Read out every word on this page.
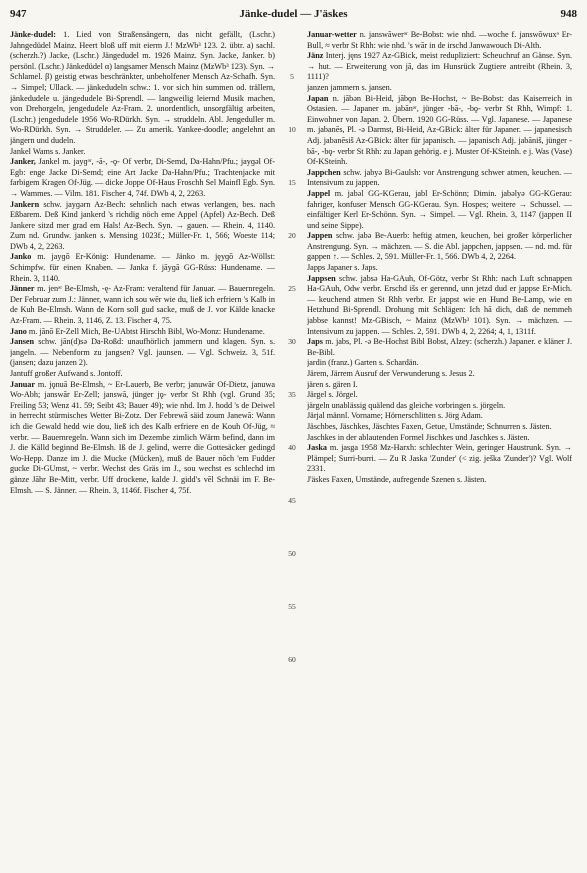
947	Jänke-dudel — J'äskes	948

Jänke-dudel: 1. Lied von Straßensängern, das nicht gefällt, (Lschr.) Jahngedüdel Mainz. Heert bloß uff mit eierm J.! MzWb³ 123. 2. übtr. a) sachl. (scherzh.?) Jacke, (Lschr.) Jängedudel m. 1926 Mainz. Syn. Jacke, Janker. b) persönl. (Lschr.) Jänkedüdel α) langsamer Mensch Mainz (MzWb³ 123). Syn. → Schlamel. β) geistig etwas beschränkter, unbeholfener Mensch Az-Schafh. Syn. → Simpel; Ullack. — jänkedudeln schw.: 1. vor sich hin summen od. trällern, jänkedudele u. jängedudele Bi-Sprendl. — langweilig leiernd Musik machen, von Drehorgeln, jengedudele Az-Fram. 2. unordentlich, unsorgfältig arbeiten, (Lschr.) jengedudele 1956 Wo-RDürkh. Syn. → struddeln. Abl. Jengeduller m. Wo-RDürkh. Syn. → Struddeler. — Zu amerik. Yankee-doodle; angelehnt an jängern und dudeln.

Jankel Wams s. Janker.

Janker, Jankel m. jayɡᵊʳ, -ā-, -ǫ- Of verbr, Di-Semd, Da-Hahn/Pfu.; jayɡǝl Of-Egb: enge Jacke Di-Semd; eine Art Jacke Da-Hahn/Pfu.; Trachtenjacke mit farbigem Kragen Of-Jüg. — dicke Joppe Of-Haus Froschh Sel Mainfl Egb. Syn. → Wammes. — Vilm. 181. Fischer 4, 74f. DWb 4, 2, 2263.

Jankern schw. jayɡǝrn Az-Bech: sehnlich nach etwas verlangen, bes. nach Eßbarem. Deß Kind jankerd 's richdig nöch eme Appel (Apfel) Az-Bech. Deß Jankere sitzd mer grad em Hals! Az-Bech. Syn. → gauen. — Rhein. 4, 1140. Zum nd. Grundw. janken s. Mensing 1023f.; Müller-Fr. 1, 566; Woeste 114; DWb 4, 2, 2263.

Janko m. jayɡō Er-König: Hundename. — Jänko m. jęyɡō Az-Wöllst: Schimpfw. für einen Knaben. — Janka f. jāyɡā GG-Rüss: Hundename. — Rhein. 3, 1140.

Jänner m. jenᵊʳ Be-Elmsh, -ę- Az-Fram: veraltend für Januar. — Bauernregeln. Der Februar zum J.: Jänner, wann ich sou wēr wie du, ließ ich erfriern 's Kalb in de Kuh Be-Elmsh. Wann de Korn soll gud sacke, muß de J. vor Kälde knacke Az-Fram. — Rhein. 3, 1146, Z. 13. Fischer 4, 75.

Jano m. jānō Er-Zell Mich, Be-UAbtst Hirschh Bibl, Wo-Monz: Hundename.

Jansen schw. jān(d)sǝ Da-Roßd: unaufhörlich jammern und klagen. Syn. s. jangeln. — Nebenform zu jangsen? Vgl. jaunsen. — Vgl. Schweiz. 3, 51f. (jansen; dazu janzen 2).

Jantuff großer Aufwand s. Jontoff.

Januar m. jǫnuā Be-Elmsh, ~ Er-Lauerb, Be verbr; januwār Of-Dietz, januwa Wo-Abh; janswār Er-Zell; janswā, jünger jǫ- verbr St Rhh (vgl. Grund 35; Freiling 53; Wenz 41. 59; Seibt 43; Bauer 49); wie nhd. Im J. hodd 's de Deiwel in herrecht stürmisches Wetter Bi-Zotz. Der Febrewā säid zoum Janewā: Wann ich die Gewald hedd wie dou, ließ ich des Kalb erfriere en de Kouh Of-Jüg, ≈ verbr. — Bauernregeln. Wann sich im Dezembe zimlich Wärm befind, dann im J. die Källd beginnd Be-Elmsh. Iß de J. gelind, werre die Gottesäcker gedingd Wo-Hepp. Danze im J. die Mucke (Mücken), muß de Bauer nōch 'em Fudder gucke Di-GUmst, ~ verbr. Wechst des Gräs im J., sou wechst es schlechd im gänze Jāhr Be-Mitt, verbr. Uff drockene, kalde J. giddʹs vēl Schnäi im F. Be-Elmsh. — S. Jänner. — Rhein. 3, 1146f. Fischer 4, 75f.

5
10
15
20
25
30
35
40
45
50
55
60

Januar-wetter n. janswāwerᵊʳ Be-Bobst: wie nhd. —woche f. janswōwuxᵊ Er-Bull, ≈ verbr St Rhh: wie nhd. 's wār in de irschd Janwawouch Di-Alth.

Jänz Interj. jęns 1927 Az-GBick, meist redupliziert: Scheuchruf an Gänse. Syn. → hut. — Erweiterung von jā, das im Hunsrück Zugtiere antreibt (Rhein. 3, 1111)?

janzen jammern s. jansen.

Japan n. jābǝn Bi-Heid, jābǫn Be-Hochst, ~ Be-Bobst: das Kaiserreich in Ostasien. — Japaner m. jabānᵊʳ, jünger -bā-, -bǫ- verbr St Rhh, Wimpf: 1. Einwohner von Japan. 2. Übern. 1920 GG-Rüss. — Vgl. Japanese. — Japanese m. jabanēs, Pl. -ǝ Darmst, Bi-Heid, Az-GBick: älter für Japaner. — japanesisch Adj. jabanēsiš Az-GBick: älter für japanisch. — japanisch Adj. jabāniš, jünger -bā-, -bǫ- verbr St Rhh: zu Japan gehörig. e j. Muster Of-KSteinh. e j. Was (Vase) Of-KSteinh.

Jappchen schw. jabyǝ Bi-Gaulsh: vor Anstrengung schwer atmen, keuchen. — Intensivum zu jappen.

Jappel m. jabǝl GG-KGerau, jabl Er-Schönn; Dimin. jabǝlyǝ GG-KGerau: fahriger, konfuser Mensch GG-KGerau. Syn. Hospes; weitere → Schussel. — einfältiger Kerl Er-Schönn. Syn. → Simpel. — Vgl. Rhein. 3, 1147 (jappen II und seine Sippe).

Jappen schw. jabǝ Be-Auerb: heftig atmen, keuchen, bei großer körperlicher Anstrengung. Syn. → mächzen. — S. die Abl. jappchen, jappsen. — nd. md. für gappen ↑. — Schles. 2, 591. Müller-Fr. 1, 566. DWb 4, 2, 2264.

Japps Japaner s. Japs.

Jappsen schw. jabsǝ Ha-GAuh, Of-Götz, verbr St Rhh: nach Luft schnappen Ha-GAuh, Odw verbr. Erschd išs er gerennd, unn jetzd dud er jappse Er-Mich. — keuchend atmen St Rhh verbr. Er jappst wie en Hund Be-Lamp, wie en Hetzhund Bi-Sprendl. Drohung mit Schlägen: Ich hā dich, daß de nemmeh jabbse kannst! Mz-GBisch, ~ Mainz (MzWb³ 101). Syn. → mächzen. — Intensivum zu jappen. — Schles. 2, 591. DWb 4, 2, 2264; 4, 1, 1311f.

Japs m. jabs, Pl. -ǝ Be-Hochst Bibl Bobst, Alzey: (scherzh.) Japaner. e kläner J. Be-Bibl.

jardin (franz.) Garten s. Schardän.

Järem, Järrem Ausruf der Verwunderung s. Jesus 2.

jären s. gären I.

Järgel s. Jörgel.

järgeln unablässig quälend das gleiche vorbringen s. jörgeln.

Järjal männl. Vorname; Hörnerschlitten s. Jörg Adam.

Jäschbes, Jäschkes, Jäschtes Faxen, Getue, Umstände; Schnurren s. Jästen.

Jaschkes in der ablautenden Formel Jischkes und Jaschkes s. Jästen.

Jaska m. jasga 1958 Mz-Harxh: schlechter Wein, geringer Haustrunk. Syn. → Plämpel; Surri-burri. — Zu R Jaska 'Zunder' (< zig. ješka 'Zunder')? Vgl. Wolf 2331.

J'äskes Faxen, Umstände, aufregende Szenen s. Jästen.
